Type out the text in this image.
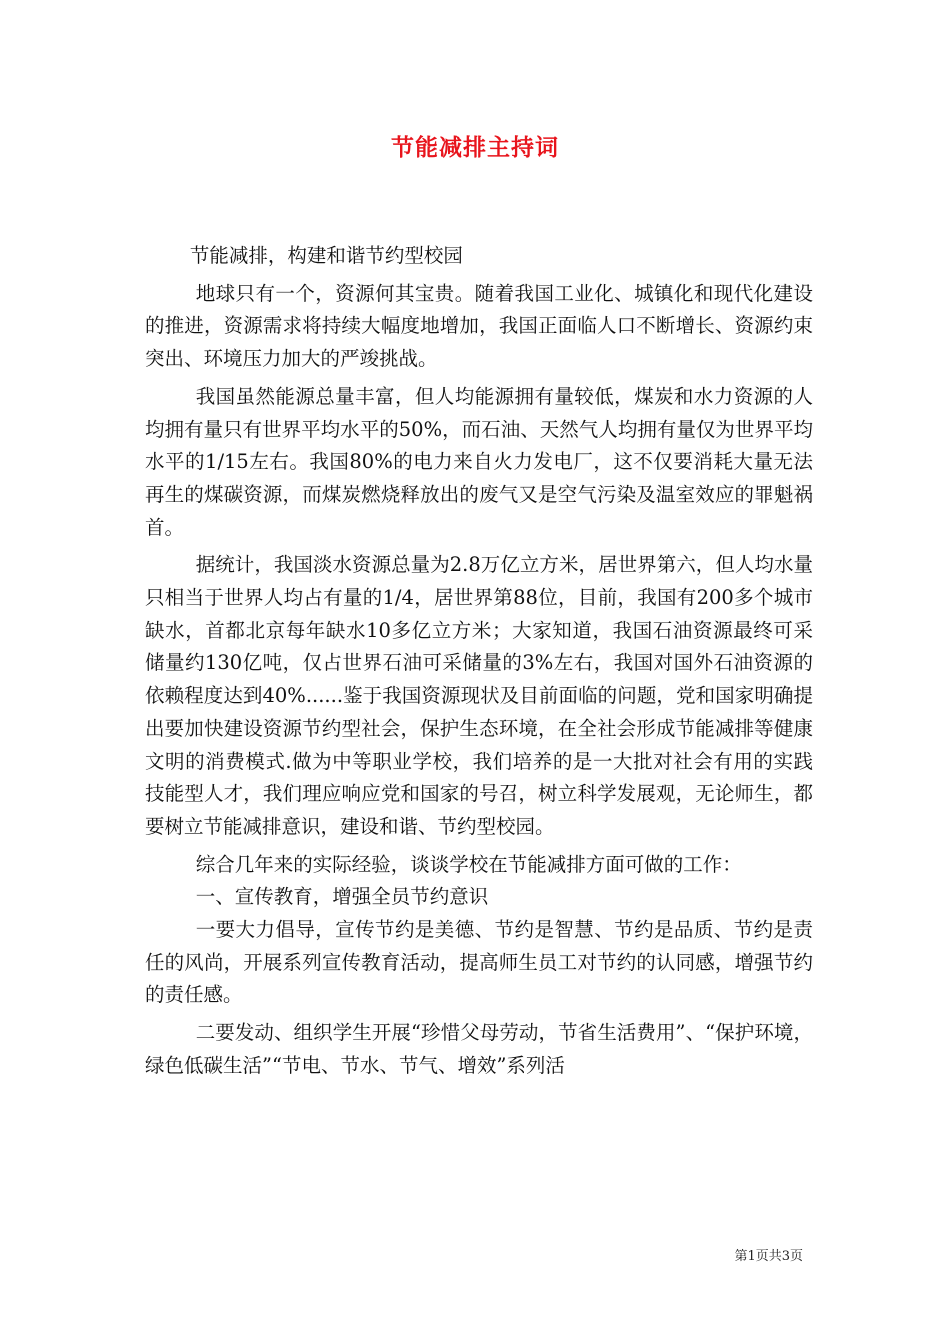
节能减排主持词

节能减排，构建和谐节约型校园

地球只有一个，资源何其宝贵。随着我国工业化、城镇化和现代化建设的推进，资源需求将持续大幅度地增加，我国正面临人口不断增长、资源约束突出、环境压力加大的严竣挑战。

我国虽然能源总量丰富，但人均能源拥有量较低，煤炭和水力资源的人均拥有量只有世界平均水平的50%，而石油、天然气人均拥有量仅为世界平均水平的1/15左右。我国80%的电力来自火力发电厂，这不仅要消耗大量无法再生的煤碳资源，而煤炭燃烧释放出的废气又是空气污染及温室效应的罪魁祸首。

据统计，我国淡水资源总量为2.8万亿立方米，居世界第六，但人均水量只相当于世界人均占有量的1/4，居世界第88位，目前，我国有200多个城市缺水，首都北京每年缺水10多亿立方米；大家知道，我国石油资源最终可采储量约130亿吨，仅占世界石油可采储量的3%左右，我国对国外石油资源的依赖程度达到40%......鉴于我国资源现状及目前面临的问题，党和国家明确提出要加快建设资源节约型社会，保护生态环境，在全社会形成节能减排等健康文明的消费模式.做为中等职业学校，我们培养的是一大批对社会有用的实践技能型人才，我们理应响应党和国家的号召，树立科学发展观，无论师生，都要树立节能减排意识，建设和谐、节约型校园。

综合几年来的实际经验，谈谈学校在节能减排方面可做的工作：

一、宣传教育，增强全员节约意识

一要大力倡导，宣传节约是美德、节约是智慧、节约是品质、节约是责任的风尚，开展系列宣传教育活动，提高师生员工对节约的认同感，增强节约的责任感。

二要发动、组织学生开展“珍惜父母劳动，节省生活费用”、“保护环境，绿色低碳生活”“节电、节水、节气、增效”系列活

第1页共3页
